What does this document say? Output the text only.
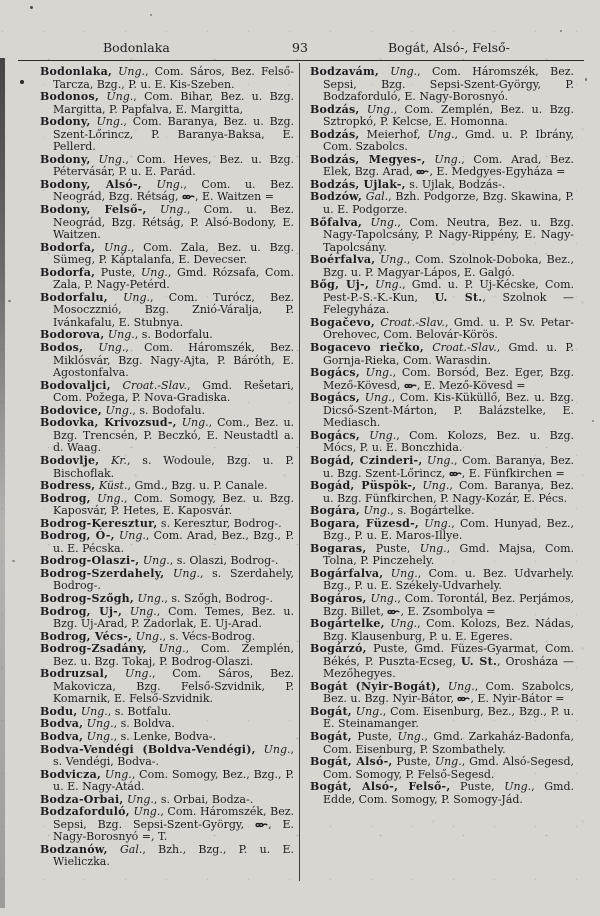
Bodonlaka	93	Bogát, Alsó-, Felső-

Bodonlaka, Ung., Com. Sáros, Bez. Felső-Tarcza, Bzg., P. u. E. Kis-Szeben.

Bodonos, Ung., Com. Bihar, Bez. u. Bzg. Margitta, P. Papfalva, E. Margitta,

Bodony, Ung., Com. Baranya, Bez. u. Bzg. Szent-Lőrincz, P. Baranya-Baksa, E. Pellerd.

Bodony, Ung., Com. Heves, Bez. u. Bzg. Pétervásár, P. u. E. Parád.

Bodony, Alsó-, Ung., Com. u. Bez. Neográd, Bzg. Rétság, , E. Waitzen =

Bodony, Felső-, Ung., Com. u. Bez. Neográd, Bzg. Rétság, P. Alsó-Bodony, E. Waitzen.

Bodorfa, Ung., Com. Zala, Bez. u. Bzg. Sümeg, P. Káptalanfa, E. Devecser.

Bodorfa, Puste, Ung., Gmd. Rózsafa, Com. Zala, P. Nagy-Petérd.

Bodorfalu, Ung., Com. Turócz, Bez. Mosoczznió, Bzg. Znió-Váralja, P. Ivánkafalu, E. Stubnya.

Bodorova, Ung., s. Bodorfalu.

Bodos, Ung., Com. Háromszék, Bez. Miklósvár, Bzg. Nagy-Ajta, P. Báróth, E. Agostonfalva.

Bodovaljci, Croat.-Slav., Gmd. Rešetari, Com. Požega, P. Nova-Gradiska.

Bodovice, Ung., s. Bodofalu.

Bodovka, Krivozsud-, Ung., Com., Bez. u. Bzg. Trencsén, P. Beczkó, E. Neustadtl a. d. Waag.

Bodovlje, Kr., s. Wodoule, Bzg. u. P. Bischoflak.

Bodress, Küst., Gmd., Bzg. u. P. Canale.

Bodrog, Ung., Com. Somogy, Bez. u. Bzg. Kaposvár, P. Hetes, E. Kaposvár.

Bodrog-Keresztur, s. Keresztur, Bodrog-.

Bodrog, Ó-, Ung., Com. Arad, Bez., Bzg., P. u. E. Pécska.

Bodrog-Olaszi-, Ung., s. Olaszi, Bodrog-.

Bodrog-Szerdahely, Ung., s. Szerdahely, Bodrog-.

Bodrog-Szőgh, Ung., s. Szőgh, Bodrog-.

Bodrog, Uj-, Ung., Com. Temes, Bez. u. Bzg. Uj-Arad, P. Zadorlak, E. Uj-Arad.

Bodrog, Vécs-, Ung., s. Vécs-Bodrog.

Bodrog-Zsadány, Ung., Com. Zemplén, Bez. u. Bzg. Tokaj, P. Bodrog-Olaszi.

Bodruzsal, Ung., Com. Sáros, Bez. Makovicza, Bzg. Felső-Szvidnik, P. Komarnik, E. Felső-Szvidnik.

Bodu, Ung., s. Botfalu.

Bodva, Ung., s. Boldva.

Bodva, Ung., s. Lenke, Bodva-.

Bodva-Vendégi (Boldva-Vendégi), Ung., s. Vendégi, Bodva-.

Bodvicza, Ung., Com. Somogy, Bez., Bzg., P. u. E. Nagy-Atád.

Bodza-Orbai, Ung., s. Orbai, Bodza-.

Bodzaforduló, Ung., Com. Háromszék, Bez. Sepsi, Bzg. Sepsi-Szent-György, , E. Nagy-Borosnyó =, T.

Bodzanów, Gal., Bzh., Bzg., P. u. E. Wieliczka.

Bodzavám, Ung., Com. Háromszék, Bez. Sepsi, Bzg. Sepsi-Szent-György, P. Bodzaforduló, E. Nagy-Borosnyó.

Bodzás, Ung., Com. Zemplén, Bez. u. Bzg. Sztropkó, P. Kelcse, E. Homonna.

Bodzás, Meierhof, Ung., Gmd. u. P. Ibrány, Com. Szabolcs.

Bodzás, Megyes-, Ung., Com. Arad, Bez. Elek, Bzg. Arad, , E. Medgyes-Egyháza =

Bodzás, Ujlak-, s. Ujlak, Bodzás-.

Bodzów, Gal., Bzh. Podgorze, Bzg. Skawina, P. u. E. Podgorze.

Bőfalva, Ung., Com. Neutra, Bez. u. Bzg. Nagy-Tapolcsány, P. Nagy-Rippény, E. Nagy-Tapolcsány.

Boérfalva, Ung., Com. Szolnok-Doboka, Bez., Bzg. u. P. Magyar-Lápos, E. Galgó.

Bőg, Uj-, Ung., Gmd. u. P. Uj-Kécske, Com. Pest-P.-S.-K.-Kun, U. St., Szolnok — Felegyháza.

Bogačevo, Croat.-Slav., Gmd. u. P. Sv. Petar-Orehovec, Com. Belovár-Körös.

Bogacevo riečko, Croat.-Slav., Gmd. u. P. Gornja-Rieka, Com. Warasdin.

Bogács, Ung., Com. Borsód, Bez. Eger, Bzg. Mező-Kövesd, , E. Mező-Kövesd =

Bogács, Ung., Com. Kis-Küküllő, Bez. u. Bzg. Dicső-Szent-Márton, P. Balázstelke, E. Mediasch.

Bogács, Ung., Com. Kolozs, Bez. u. Bzg. Mócs, P. u. E. Bonczhida.

Bogád, Czinderi-, Ung., Com. Baranya, Bez. u. Bzg. Szent-Lőrincz, , E. Fünfkirchen =

Bogád, Püspök-, Ung., Com. Baranya, Bez. u. Bzg. Fünfkirchen, P. Nagy-Kozár, E. Pécs.

Bogára, Ung., s. Bogártelke.

Bogara, Füzesd-, Ung., Com. Hunyad, Bez., Bzg., P. u. E. Maros-Illye.

Bogaras, Puste, Ung., Gmd. Majsa, Com. Tolna, P. Pinczehely.

Bogárfalva, Ung., Com. u. Bez. Udvarhely. Bzg., P. u. E. Székely-Udvarhely.

Bogáros, Ung., Com. Torontál, Bez. Perjámos, Bzg. Billet, , E. Zsombolya =

Bogártelke, Ung., Com. Kolozs, Bez. Nádas, Bzg. Klausenburg, P. u. E. Egeres.

Bogárzó, Puste, Gmd. Füzes-Gyarmat, Com. Békés, P. Puszta-Ecseg, U. St., Orosháza — Mezőhegyes.

Bogát (Nyir-Bogát), Ung., Com. Szabolcs, Bez. u. Bzg. Nyir-Bátor, , E. Nyir-Bátor =

Bogát, Ung., Com. Eisenburg, Bez., Bzg., P. u. E. Steinamanger.

Bogát, Puste, Ung., Gmd. Zarkaház-Badonfa, Com. Eisenburg, P. Szombathely.

Bogát, Alsó-, Puste, Ung., Gmd. Alsó-Segesd, Com. Somogy, P. Felső-Segesd.

Bogát, Alsó-, Felső-, Puste, Ung., Gmd. Edde, Com. Somogy, P. Somogy-Jád.
